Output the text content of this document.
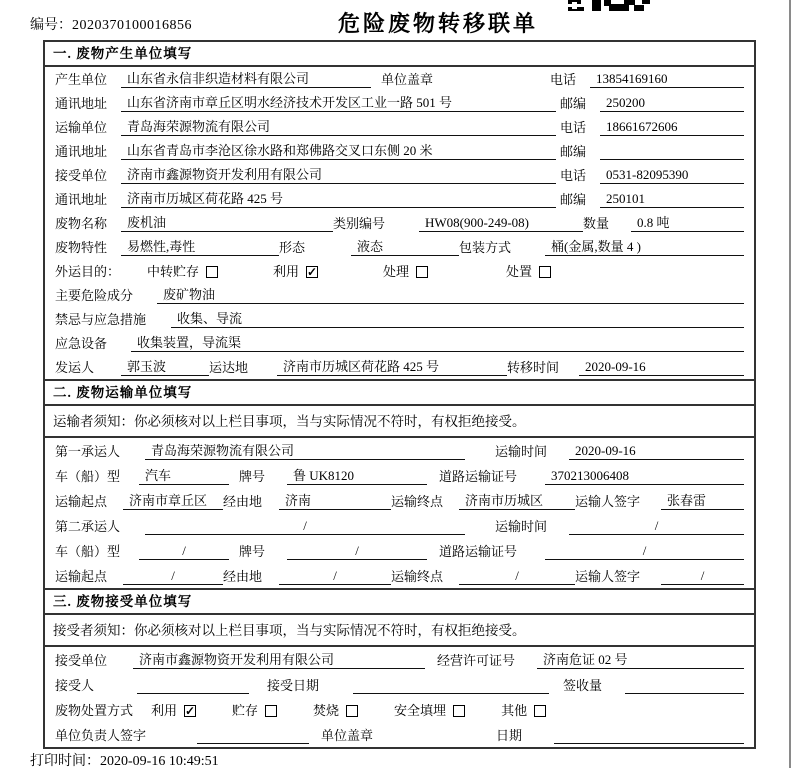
编号：2020370100016856	危险废物转移联单
一. 废物产生单位填写
产生单位	山东省永信非织造材料有限公司	单位盖章	电话	13854169160
通讯地址	山东省济南市章丘区明水经济技术开发区工业一路 501 号	邮编	250200
运输单位	青岛海荣源物流有限公司	电话	18661672606
通讯地址	山东省青岛市李沧区徐水路和郑佛路交叉口东侧 20 米	邮编
接受单位	济南市鑫源物资开发利用有限公司	电话	0531-82095390
通讯地址	济南市历城区荷花路 425 号	邮编	250101
废物名称	废机油	类别编号	HW08(900-249-08)	数量	0.8 吨
废物特性	易燃性,毒性	形态	液态	包装方式	桶(金属,数量 4 )
外运目的：	中转贮存	利用 ✓	处理	处置
主要危险成分	废矿物油
禁忌与应急措施	收集、导流
应急设备	收集装置，导流渠
发运人	郭玉波	运达地	济南市历城区荷花路 425 号	转移时间	2020-09-16
二. 废物运输单位填写
运输者须知：你必须核对以上栏目事项，当与实际情况不符时，有权拒绝接受。
第一承运人	青岛海荣源物流有限公司	运输时间	2020-09-16
车（船）型	汽车	牌号	鲁 UK8120	道路运输证号	370213006408
运输起点	济南市章丘区	经由地	济南	运输终点	济南市历城区	运输人签字	张春雷
第二承运人	/	运输时间	/
车（船）型	/	牌号	/	道路运输证号	/
运输起点	/	经由地	/	运输终点	/	运输人签字	/
三. 废物接受单位填写
接受者须知：你必须核对以上栏目事项，当与实际情况不符时，有权拒绝接受。
接受单位	济南市鑫源物资开发利用有限公司	经营许可证号	济南危证 02 号
接受人	接受日期	签收量
废物处置方式	利用 ✓	贮存	焚烧	安全填埋	其他
单位负责人签字	单位盖章	日期
打印时间：2020-09-16 10:49:51
